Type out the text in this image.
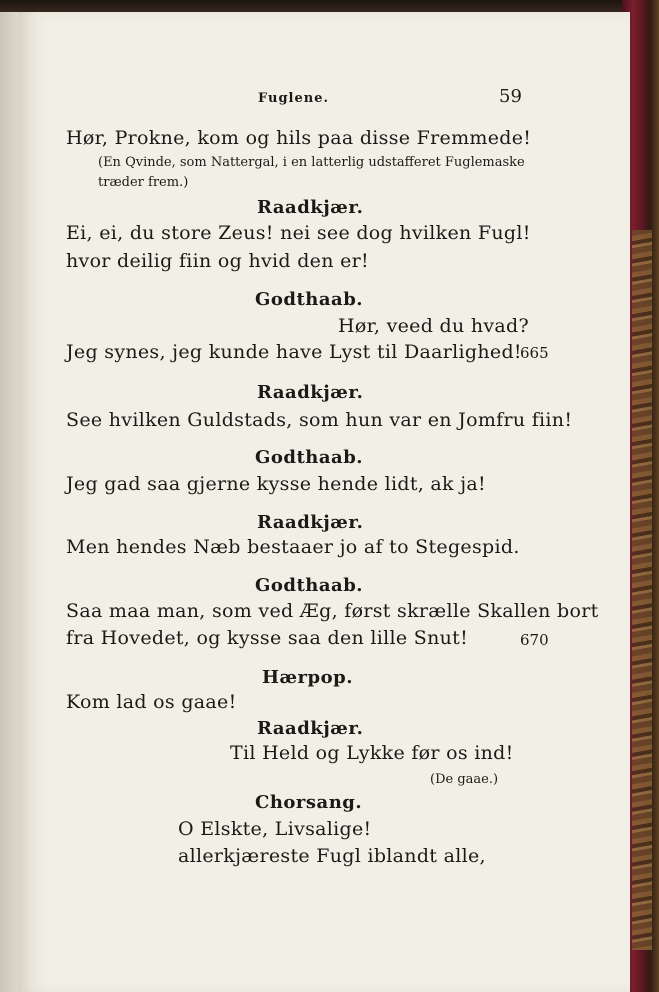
Fuglene.	59
Hør, Prokne, kom og hils paa disse Fremmede!
(En Qvinde, som Nattergal, i en latterlig udstafferet Fuglemaske
træder frem.)
Raadkjær.
Ei, ei, du store Zeus! nei see dog hvilken Fugl!
hvor deilig fiin og hvid den er!
Godthaab.
Hør, veed du hvad?
Jeg synes, jeg kunde have Lyst til Daarlighed!
665
Raadkjær.
See hvilken Guldstads, som hun var en Jomfru fiin!
Godthaab.
Jeg gad saa gjerne kysse hende lidt, ak ja!
Raadkjær.
Men hendes Næb bestaaer jo af to Stegespid.
Godthaab.
Saa maa man, som ved Æg, først skrælle Skallen bort
fra Hovedet, og kysse saa den lille Snut!	670
Hærpop.
Kom lad os gaae!
Raadkjær.
Til Held og Lykke før os ind!
(De gaae.)
Chorsang.
O Elskte, Livsalige!
allerkjæreste Fugl iblandt alle,
